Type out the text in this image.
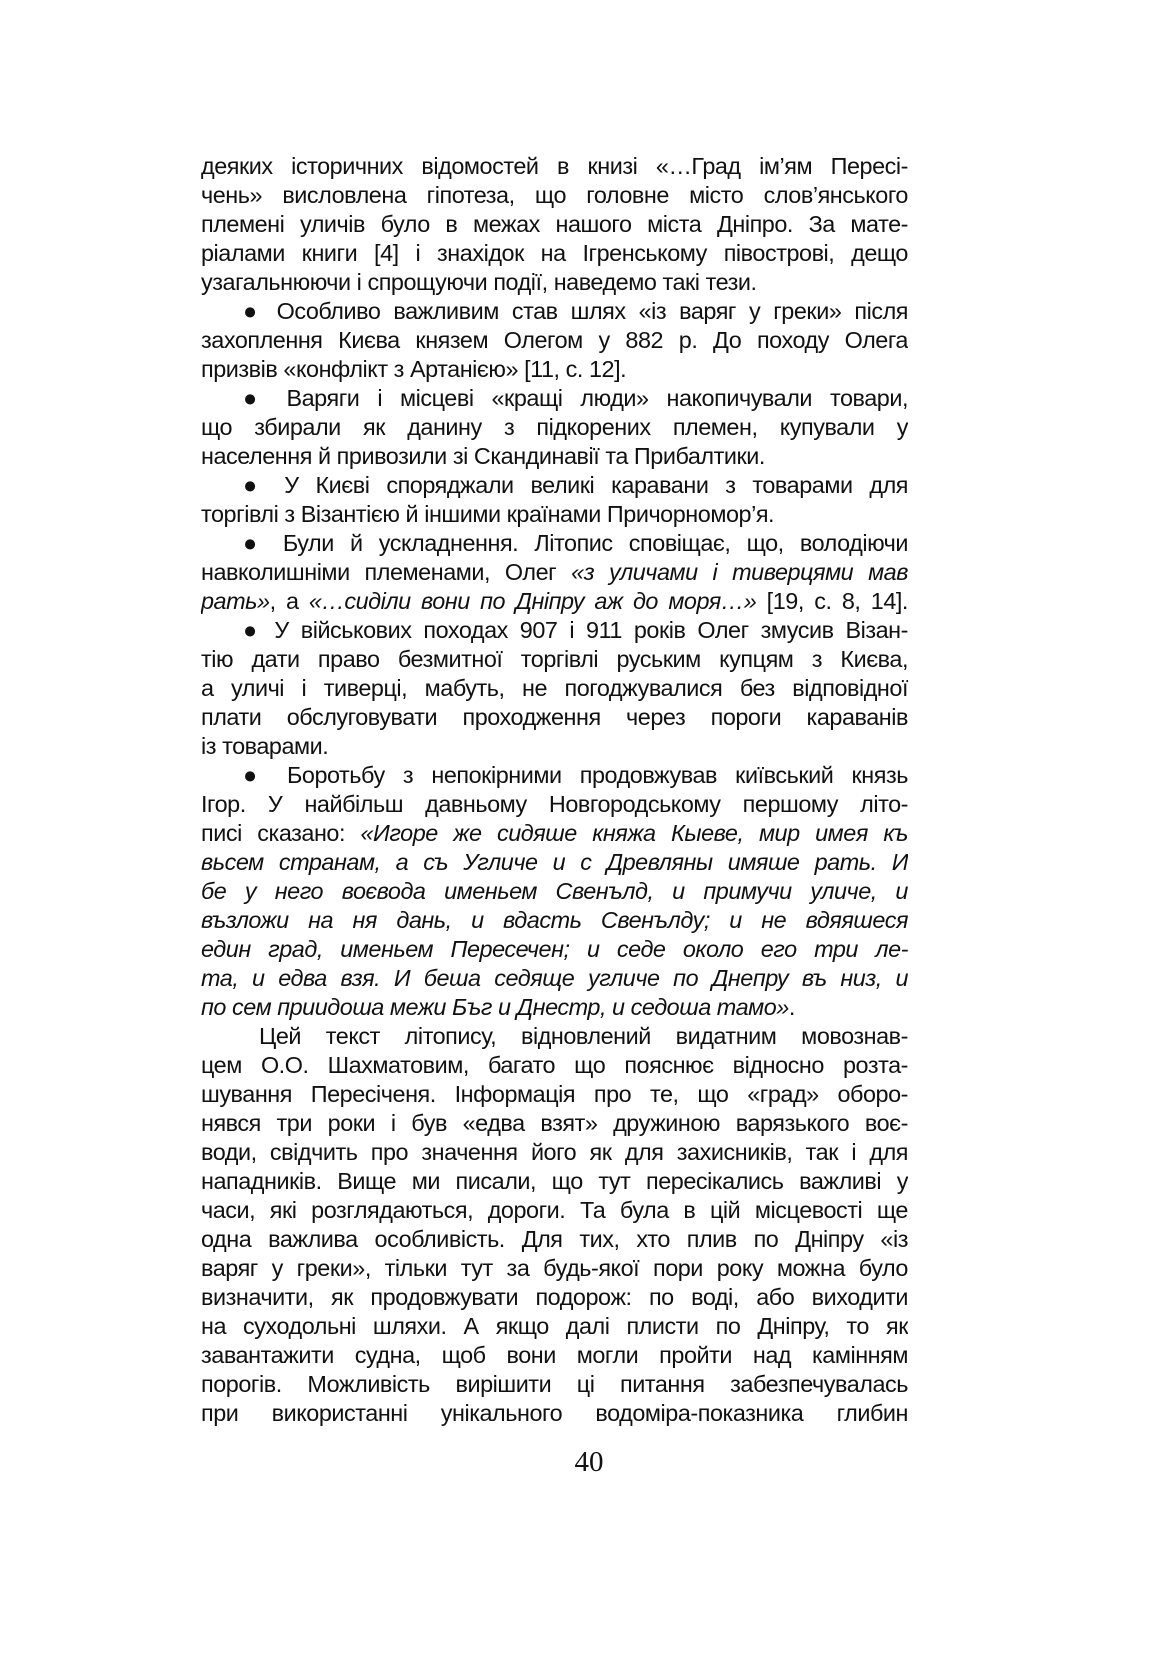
деяких історичних відомостей в книзі «…Град ім’ям Пересі-
чень» висловлена гіпотеза, що головне місто слов’янського
племені уличів було в межах нашого міста Дніпро. За мате-
ріалами книги [4] і знахідок на Ігренському півострові, дещо
узагальнюючи і спрощуючи події, наведемо такі тези.
● Особливо важливим став шлях «із варяг у греки» після
захоплення Києва князем Олегом у 882 р. До походу Олега
призвів «конфлікт з Артанією» [11, с. 12].
● Варяги і місцеві «кращі люди» накопичували товари,
що збирали як данину з підкорених племен, купували у
населення й привозили зі Скандинавії та Прибалтики.
● У Києві споряджали великі каравани з товарами для
торгівлі з Візантією й іншими країнами Причорномор’я.
● Були й ускладнення. Літопис сповіщає, що, володіючи
навколишніми племенами, Олег «з уличами і тиверцями мав
рать», а «…сиділи вони по Дніпру аж до моря…» [19, с. 8, 14].
● У військових походах 907 і 911 років Олег змусив Візан-
тію дати право безмитної торгівлі руським купцям з Києва,
а уличі і тиверці, мабуть, не погоджувалися без відповідної
плати обслуговувати проходження через пороги караванів
із товарами.
● Боротьбу з непокірними продовжував київський князь
Ігор. У найбільш давньому Новгородському першому літо-
писі сказано: «Игоре же сидяше княжа Кыеве, мир имея къ
вьсем странам, а съ Угличе и с Древляны имяше рать. И
бе у него воєвода именьем Свенълд, и примучи уличе, и
възложи на ня дань, и вдасть Свенълду; и не вдяяшеся
един град, именьем Пересечен; и седе около его три ле-
та, и едва взя. И беша седяще угличе по Днепру въ низ, и
по сем приидоша межи Бъг и Днестр, и седоша тамо».
Цей текст літопису, відновлений видатним мовознав-
цем О.О. Шахматовим, багато що пояснює відносно розта-
шування Пересіченя. Інформація про те, що «град» оборо-
нявся три роки і був «едва взят» дружиною варязького воє-
води, свідчить про значення його як для захисників, так і для
нападників. Вище ми писали, що тут пересікались важливі у
часи, які розглядаються, дороги. Та була в цій місцевості ще
одна важлива особливість. Для тих, хто плив по Дніпру «із
варяг у греки», тільки тут за будь-якої пори року можна було
визначити, як продовжувати подорож: по воді, або виходити
на суходольні шляхи. А якщо далі плисти по Дніпру, то як
завантажити судна, щоб вони могли пройти над камінням
порогів. Можливість вирішити ці питання забезпечувалась
при використанні унікального водоміра-показника глибин
40
